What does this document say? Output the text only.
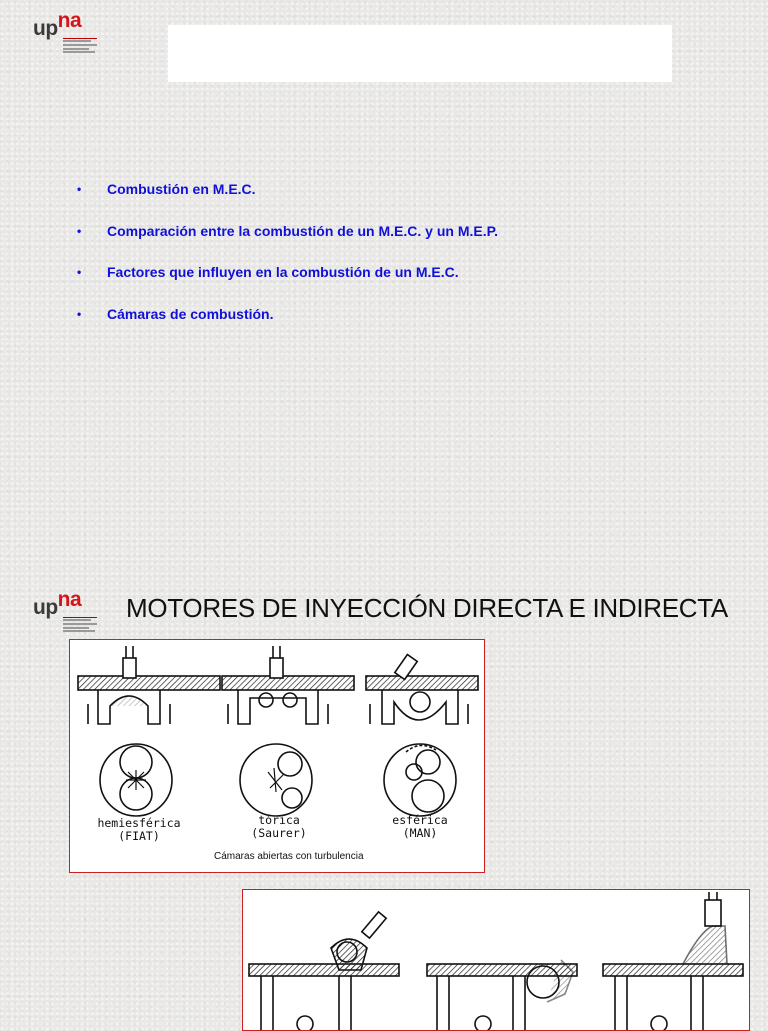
upna
• Combustión en M.E.C.
• Comparación entre la combustión de un M.E.C. y un M.E.P.
• Factores que influyen en la combustión de un M.E.C.
• Cámaras de combustión.
upna MOTORES DE INYECCIÓN DIRECTA E INDIRECTA
hemiesférica
(FIAT)
tórica
(Saurer)
esférica
(MAN)
Cámaras abiertas con turbulencia
